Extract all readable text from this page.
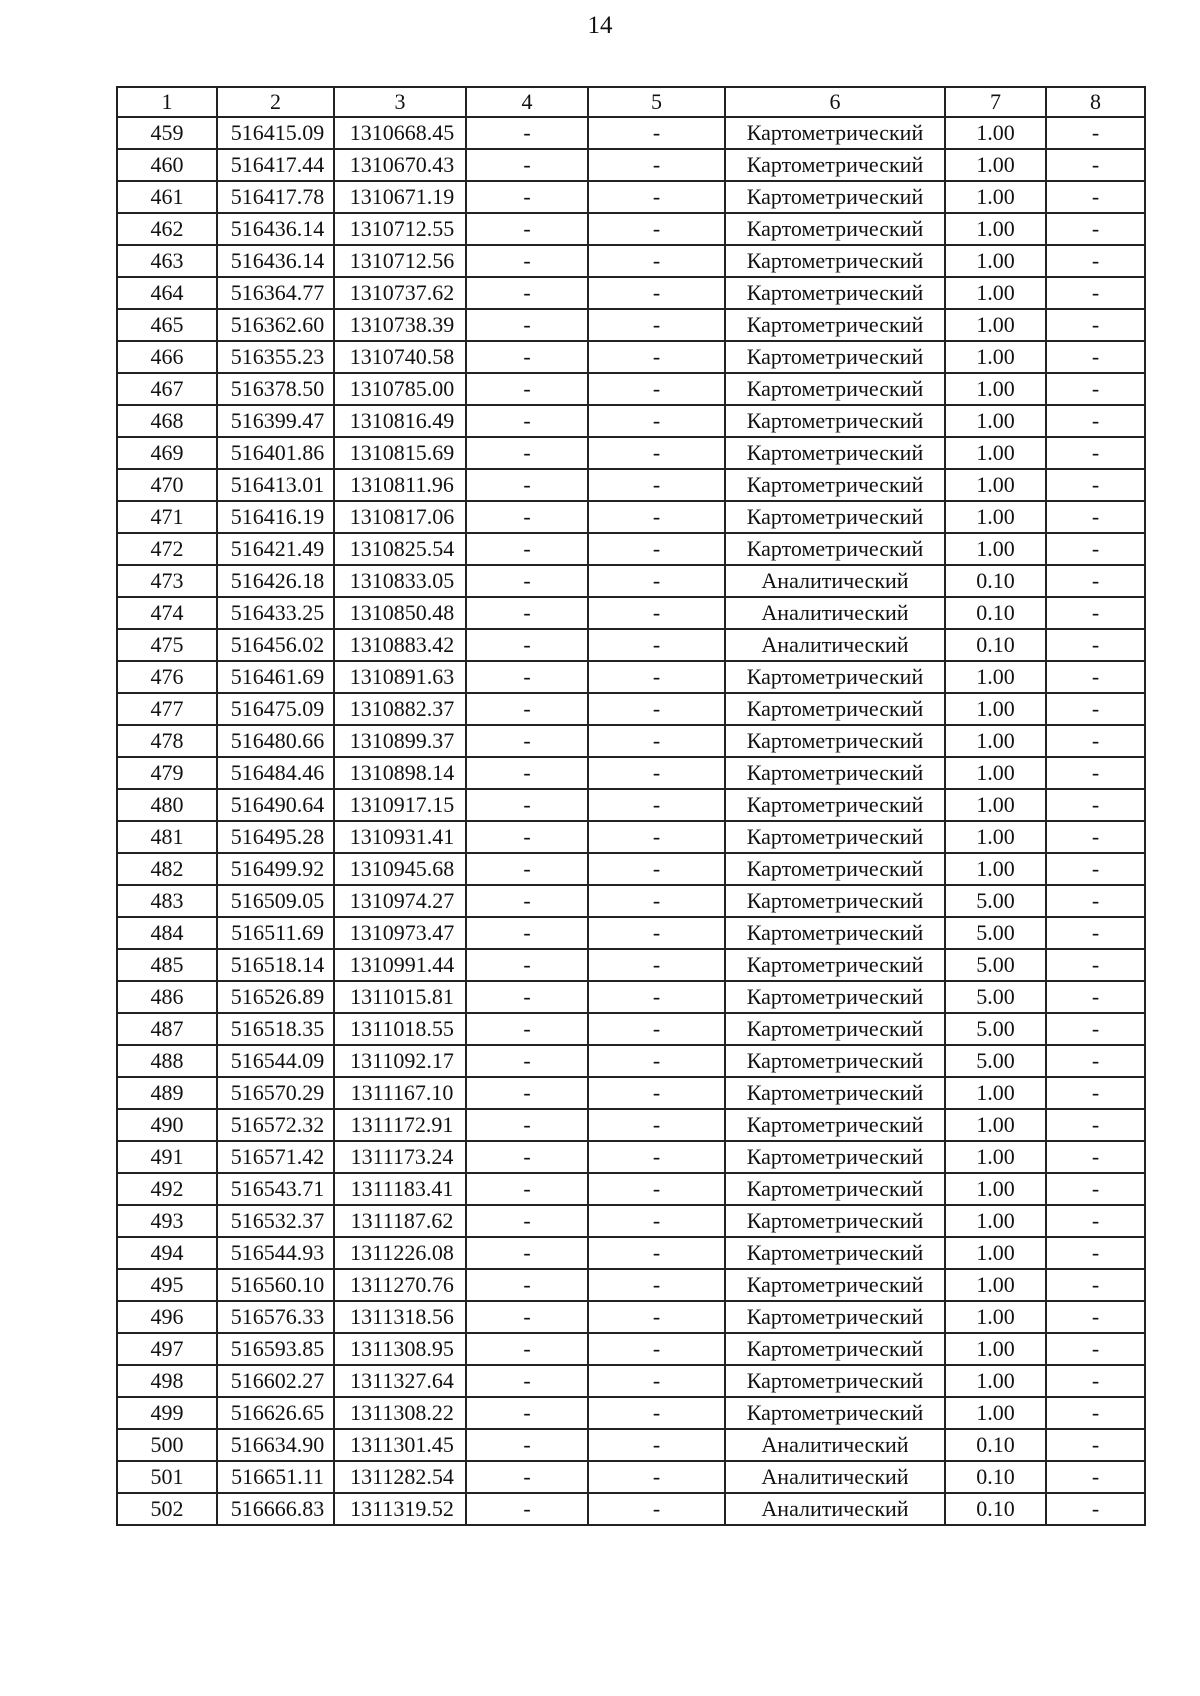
14
1	2	3	4	5	6	7	8
459	516415.09	1310668.45	-	-	Картометрический	1.00	-
460	516417.44	1310670.43	-	-	Картометрический	1.00	-
461	516417.78	1310671.19	-	-	Картометрический	1.00	-
462	516436.14	1310712.55	-	-	Картометрический	1.00	-
463	516436.14	1310712.56	-	-	Картометрический	1.00	-
464	516364.77	1310737.62	-	-	Картометрический	1.00	-
465	516362.60	1310738.39	-	-	Картометрический	1.00	-
466	516355.23	1310740.58	-	-	Картометрический	1.00	-
467	516378.50	1310785.00	-	-	Картометрический	1.00	-
468	516399.47	1310816.49	-	-	Картометрический	1.00	-
469	516401.86	1310815.69	-	-	Картометрический	1.00	-
470	516413.01	1310811.96	-	-	Картометрический	1.00	-
471	516416.19	1310817.06	-	-	Картометрический	1.00	-
472	516421.49	1310825.54	-	-	Картометрический	1.00	-
473	516426.18	1310833.05	-	-	Аналитический	0.10	-
474	516433.25	1310850.48	-	-	Аналитический	0.10	-
475	516456.02	1310883.42	-	-	Аналитический	0.10	-
476	516461.69	1310891.63	-	-	Картометрический	1.00	-
477	516475.09	1310882.37	-	-	Картометрический	1.00	-
478	516480.66	1310899.37	-	-	Картометрический	1.00	-
479	516484.46	1310898.14	-	-	Картометрический	1.00	-
480	516490.64	1310917.15	-	-	Картометрический	1.00	-
481	516495.28	1310931.41	-	-	Картометрический	1.00	-
482	516499.92	1310945.68	-	-	Картометрический	1.00	-
483	516509.05	1310974.27	-	-	Картометрический	5.00	-
484	516511.69	1310973.47	-	-	Картометрический	5.00	-
485	516518.14	1310991.44	-	-	Картометрический	5.00	-
486	516526.89	1311015.81	-	-	Картометрический	5.00	-
487	516518.35	1311018.55	-	-	Картометрический	5.00	-
488	516544.09	1311092.17	-	-	Картометрический	5.00	-
489	516570.29	1311167.10	-	-	Картометрический	1.00	-
490	516572.32	1311172.91	-	-	Картометрический	1.00	-
491	516571.42	1311173.24	-	-	Картометрический	1.00	-
492	516543.71	1311183.41	-	-	Картометрический	1.00	-
493	516532.37	1311187.62	-	-	Картометрический	1.00	-
494	516544.93	1311226.08	-	-	Картометрический	1.00	-
495	516560.10	1311270.76	-	-	Картометрический	1.00	-
496	516576.33	1311318.56	-	-	Картометрический	1.00	-
497	516593.85	1311308.95	-	-	Картометрический	1.00	-
498	516602.27	1311327.64	-	-	Картометрический	1.00	-
499	516626.65	1311308.22	-	-	Картометрический	1.00	-
500	516634.90	1311301.45	-	-	Аналитический	0.10	-
501	516651.11	1311282.54	-	-	Аналитический	0.10	-
502	516666.83	1311319.52	-	-	Аналитический	0.10	-
